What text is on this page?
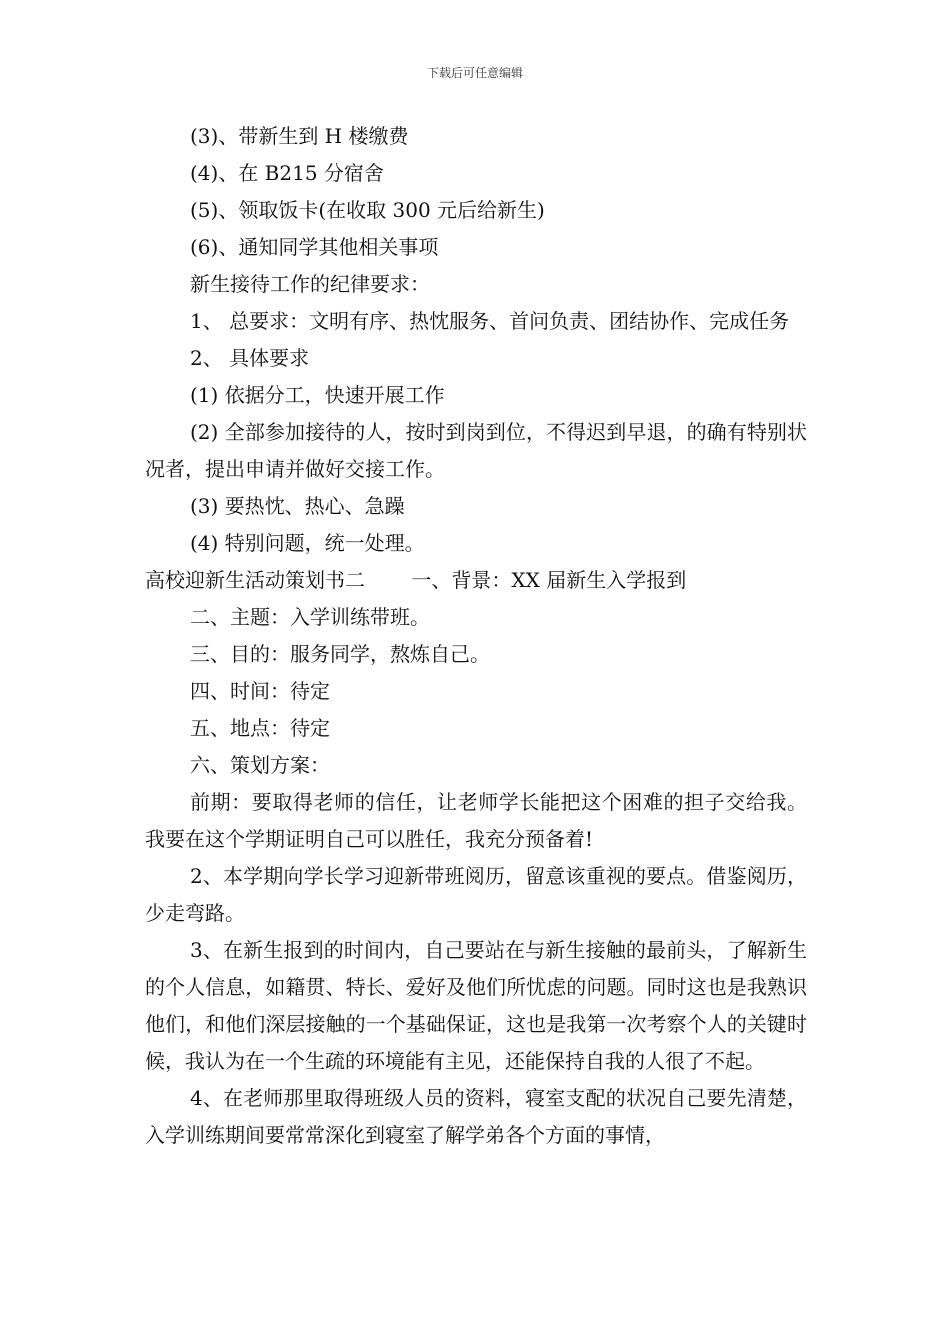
下载后可任意编辑

(3)、带新生到 H 楼缴费

(4)、在 B215 分宿舍

(5)、领取饭卡(在收取 300 元后给新生)

(6)、通知同学其他相关事项

新生接待工作的纪律要求：

1、 总要求：文明有序、热忱服务、首问负责、团结协作、完成任务

2、 具体要求

(1) 依据分工，快速开展工作

(2) 全部参加接待的人，按时到岗到位，不得迟到早退，的确有特别状况者，提出申请并做好交接工作。

(3) 要热忱、热心、急躁

(4) 特别问题，统一处理。

高校迎新生活动策划书二　　 一、背景：XX 届新生入学报到

二、主题：入学训练带班。

三、目的：服务同学，熬炼自己。

四、时间：待定

五、地点：待定

六、策划方案：

前期：要取得老师的信任，让老师学长能把这个困难的担子交给我。我要在这个学期证明自己可以胜任，我充分预备着!

2、本学期向学长学习迎新带班阅历，留意该重视的要点。借鉴阅历，少走弯路。

3、在新生报到的时间内，自己要站在与新生接触的最前头，了解新生的个人信息，如籍贯、特长、爱好及他们所忧虑的问题。同时这也是我熟识他们，和他们深层接触的一个基础保证，这也是我第一次考察个人的关键时候，我认为在一个生疏的环境能有主见，还能保持自我的人很了不起。

4、在老师那里取得班级人员的资料，寝室支配的状况自己要先清楚，入学训练期间要常常深化到寝室了解学弟各个方面的事情，
